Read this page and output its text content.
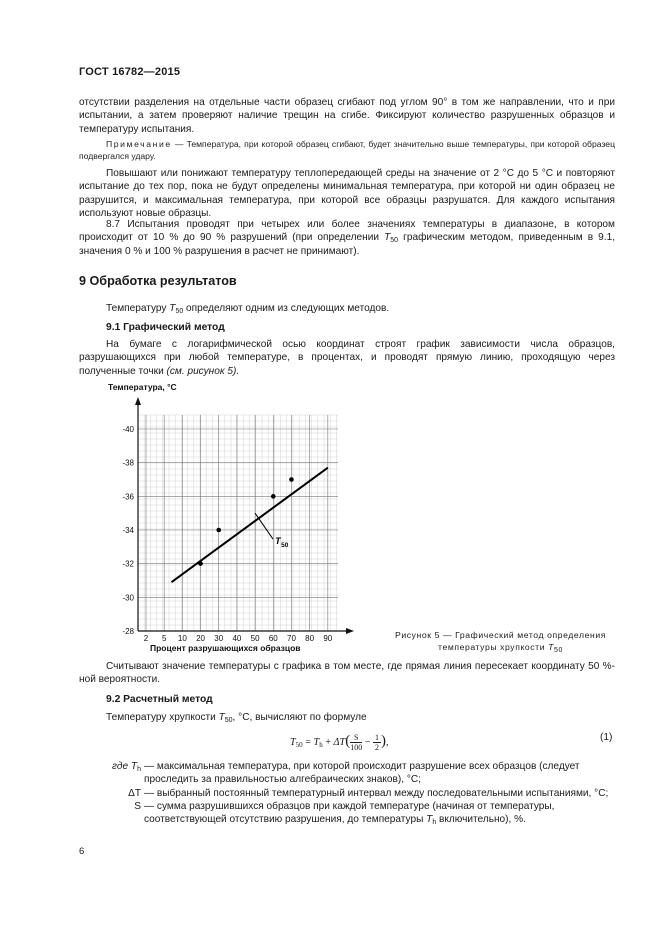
ГОСТ 16782—2015
отсутствии разделения на отдельные части образец сгибают под углом 90° в том же направлении, что и при испытании, а затем проверяют наличие трещин на сгибе. Фиксируют количество разрушенных образцов и температуру испытания.
Примечание — Температура, при которой образец сгибают, будет значительно выше температуры, при которой образец подвергался удару.
Повышают или понижают температуру теплопередающей среды на значение от 2 °C до 5 °C и повторяют испытание до тех пор, пока не будут определены минимальная температура, при которой ни один образец не разрушится, и максимальная температура, при которой все образцы разрушатся. Для каждого испытания используют новые образцы.
8.7 Испытания проводят при четырех или более значениях температуры в диапазоне, в котором происходит от 10 % до 90 % разрушений (при определении $T_{50}$ графическим методом, приведенным в 9.1, значения 0 % и 100 % разрушения в расчет не принимают).
9 Обработка результатов
Температуру $T_{50}$ определяют одним из следующих методов.
9.1 Графический метод
На бумаге с логарифмической осью координат строят график зависимости числа образцов, разрушающихся при любой температуре, в процентах, и проводят прямую линию, проходящую через полученные точки (см. рисунок 5).
-40
-38
-36
-34
-32
-30
-28
2 5 10 20 30 40 50 60 70 80 90
T 50
Температура, °C
Процент разрушающихся образцов
Рисунок 5 — Графический метод определения температуры хрупкости $T_{50}$
Считывают значение температуры с графика в том месте, где прямая линия пересекает координату 50 %-ной вероятности.
9.2 Расчетный метод
Температуру хрупкости $T_{50}$, °C, вычисляют по формуле
$T_{50} = T_h + \Delta T( \frac{S}{100} - \frac{1}{2}$ ),	(1)
где $T_h$ — максимальная температура, при которой происходит разрушение всех образцов (следует проследить за правильностью алгебраических знаков), °C;
ΔT — выбранный постоянный температурный интервал между последовательными испытаниями, °C;
S — сумма разрушившихся образцов при каждой температуре (начиная от температуры, соответствующей отсутствию разрушения, до температуры $T_h$ включительно), %.
6
